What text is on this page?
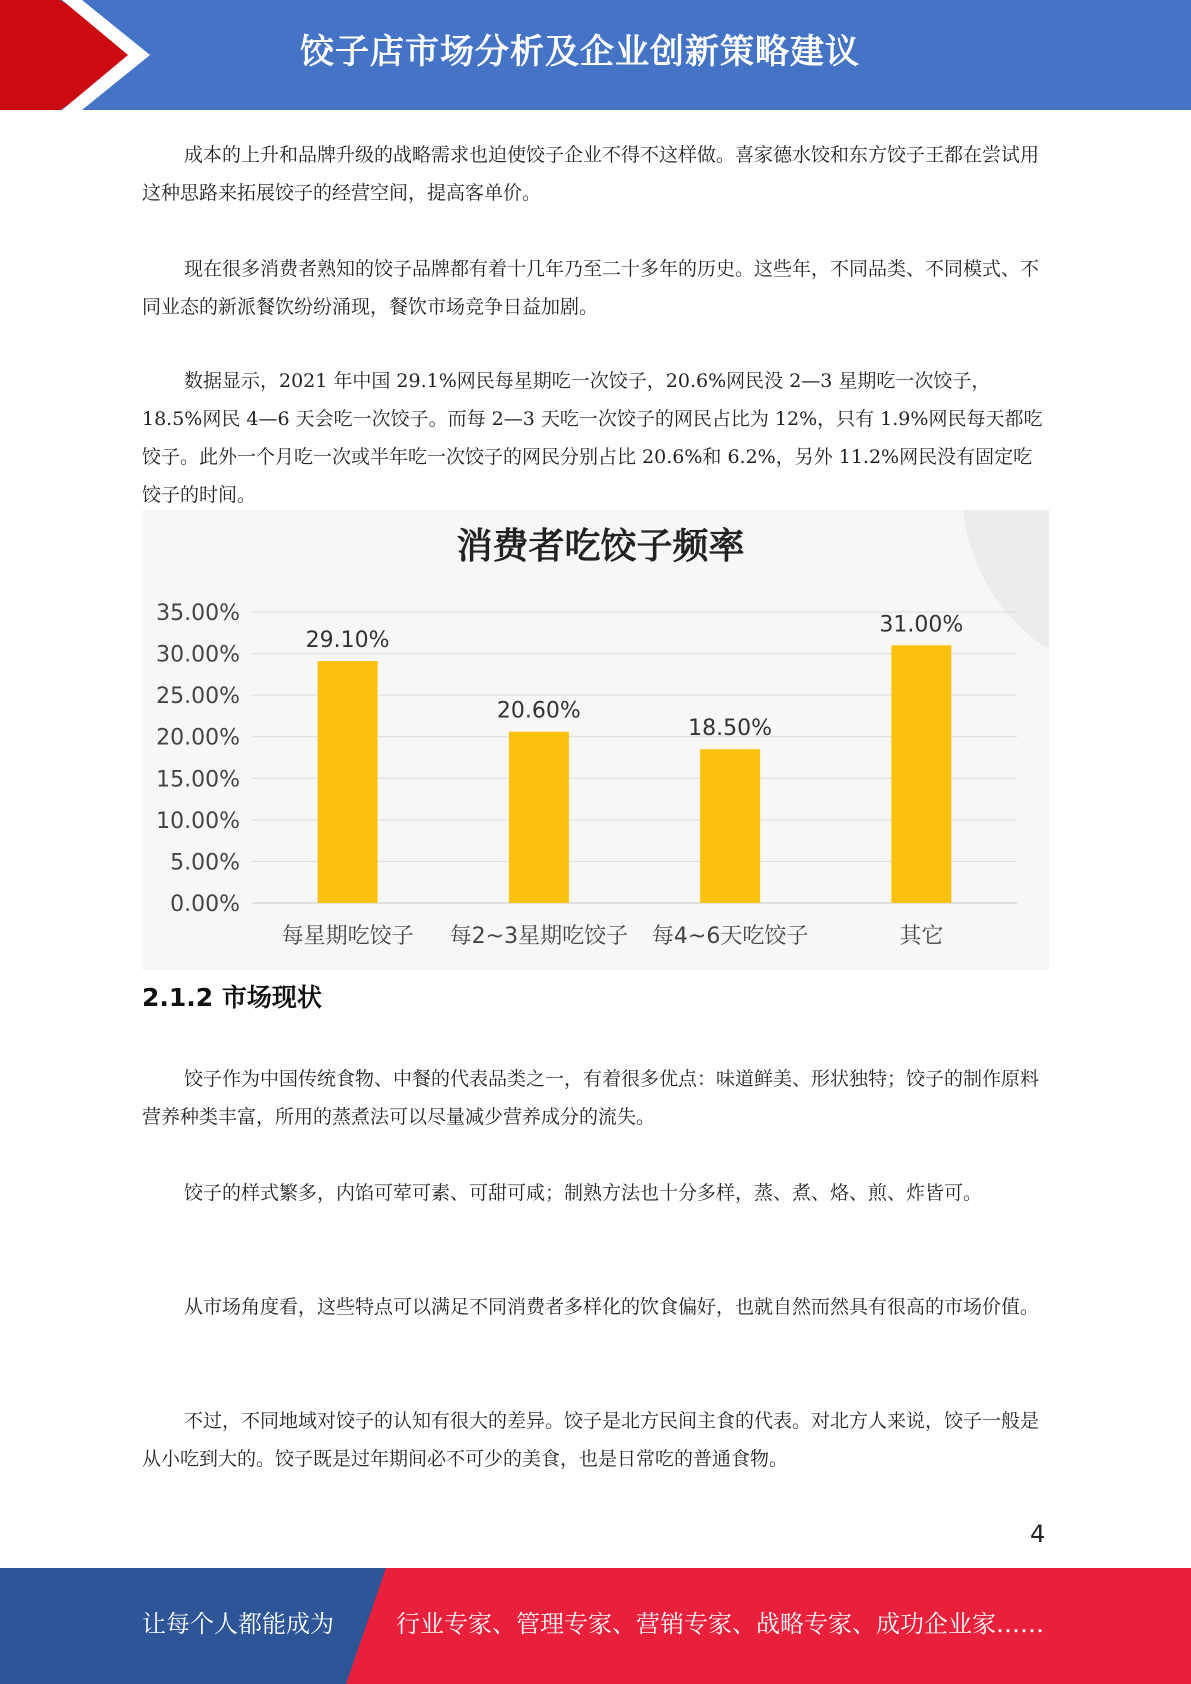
饺子店市场分析及企业创新策略建议

成本的上升和品牌升级的战略需求也迫使饺子企业不得不这样做。喜家德水饺和东方饺子王都在尝试用这种思路来拓展饺子的经营空间，提高客单价。

现在很多消费者熟知的饺子品牌都有着十几年乃至二十多年的历史。这些年，不同品类、不同模式、不同业态的新派餐饮纷纷涌现，餐饮市场竞争日益加剧。

数据显示，2021 年中国 29.1%网民每星期吃一次饺子，20.6%网民没 2—3 星期吃一次饺子，18.5%网民 4—6 天会吃一次饺子。而每 2—3 天吃一次饺子的网民占比为 12%，只有 1.9%网民每天都吃饺子。此外一个月吃一次或半年吃一次饺子的网民分别占比 20.6%和 6.2%，另外 11.2%网民没有固定吃饺子的时间。

消费者吃饺子频率
0.00%
5.00%
10.00%
15.00%
20.00%
25.00%
30.00%
35.00%
29.10%
每星期吃饺子
20.60%
每2~3星期吃饺子
18.50%
每4~6天吃饺子
31.00%
其它
2.1.2 市场现状

饺子作为中国传统食物、中餐的代表品类之一，有着很多优点：味道鲜美、形状独特；饺子的制作原料营养种类丰富，所用的蒸煮法可以尽量减少营养成分的流失。

饺子的样式繁多，内馅可荤可素、可甜可咸；制熟方法也十分多样，蒸、煮、烙、煎、炸皆可。

从市场角度看，这些特点可以满足不同消费者多样化的饮食偏好，也就自然而然具有很高的市场价值。

不过，不同地域对饺子的认知有很大的差异。饺子是北方民间主食的代表。对北方人来说，饺子一般是从小吃到大的。饺子既是过年期间必不可少的美食，也是日常吃的普通食物。

4
让每个人都能成为	行业专家、管理专家、营销专家、战略专家、成功企业家……
